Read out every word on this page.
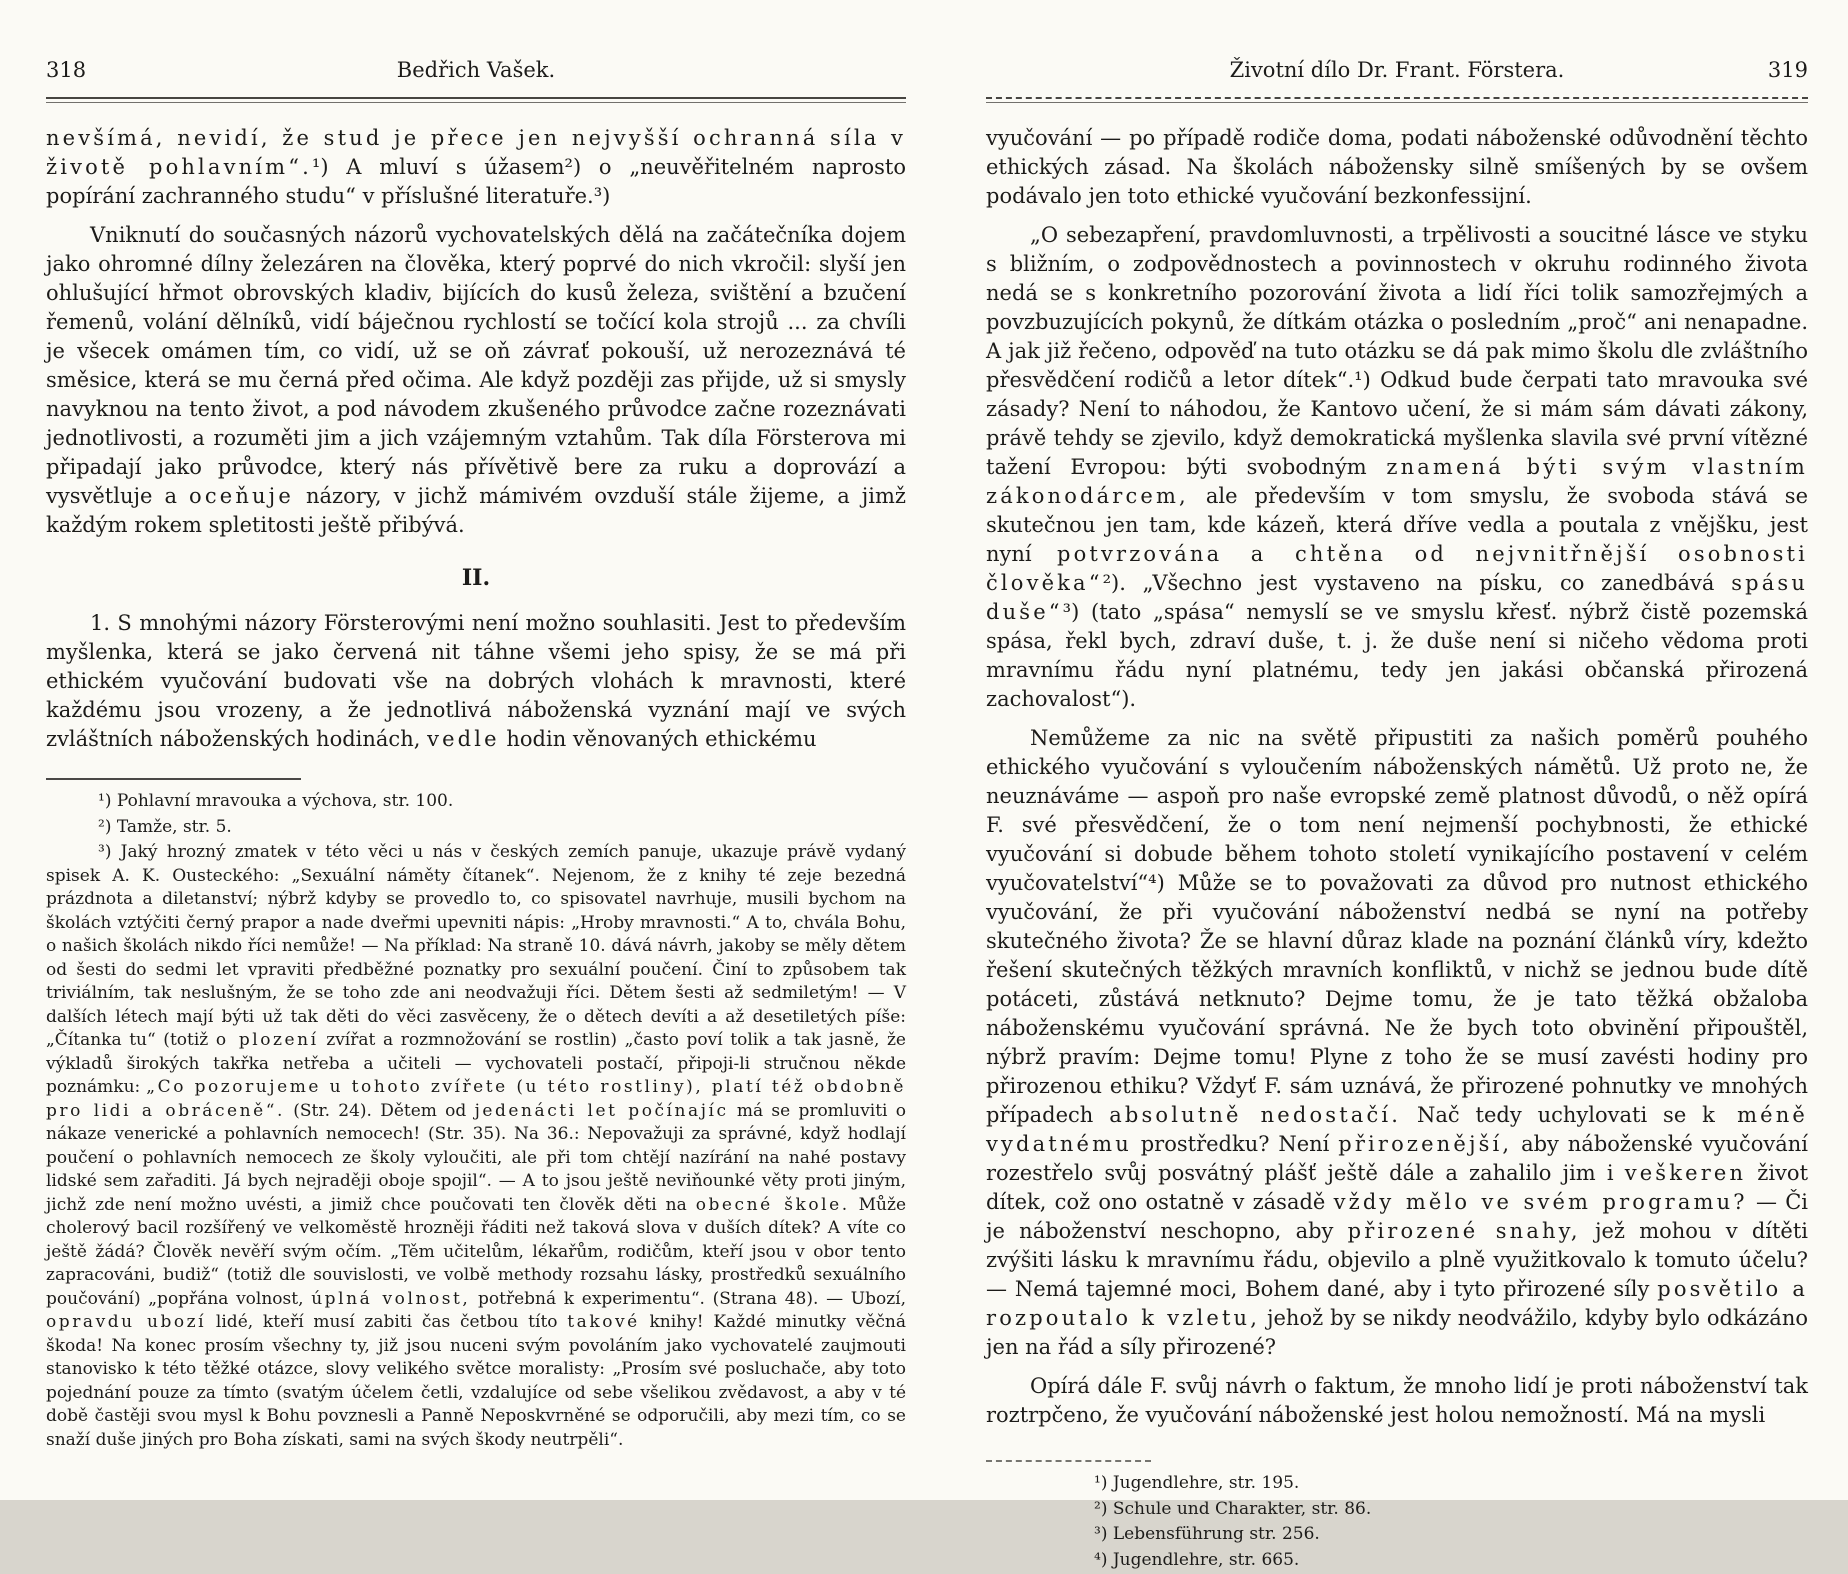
318	Bedřich Vašek.

nevšímá, nevidí, že stud je přece jen nejvyšší ochranná síla v životě pohlavním“.¹) A mluví s úžasem²) o „neuvěřitelném naprosto popírání zachranného studu“ v příslušné literatuře.³)

Vniknutí do současných názorů vychovatelských dělá na začátečníka dojem jako ohromné dílny železáren na člověka, který poprvé do nich vkročil: slyší jen ohlušující hřmot obrovských kladiv, bijících do kusů železa, svištění a bzučení řemenů, volání dělníků, vidí báječnou rychlostí se točící kola strojů ... za chvíli je všecek omámen tím, co vidí, už se oň závrať pokouší, už nerozeznává té směsice, která se mu černá před očima. Ale když později zas přijde, už si smysly navyknou na tento život, a pod návodem zkušeného průvodce začne rozeznávati jednotlivosti, a rozuměti jim a jich vzájemným vztahům. Tak díla Försterova mi připadají jako průvodce, který nás přívětivě bere za ruku a doprovází a vysvětluje a oceňuje názory, v jichž mámivém ovzduší stále žijeme, a jimž každým rokem spletitosti ještě přibývá.

II.

1. S mnohými názory Försterovými není možno souhlasiti. Jest to především myšlenka, která se jako červená nit táhne všemi jeho spisy, že se má při ethickém vyučování budovati vše na dobrých vlohách k mravnosti, které každému jsou vrozeny, a že jednotlivá náboženská vyznání mají ve svých zvláštních náboženských hodinách, vedle hodin věnovaných ethickému

¹) Pohlavní mravouka a výchova, str. 100.

²) Tamže, str. 5.

³) Jaký hrozný zmatek v této věci u nás v českých zemích panuje, ukazuje právě vydaný spisek A. K. Ousteckého: „Sexuální náměty čítanek“. Nejenom, že z knihy té zeje bezedná prázdnota a diletanství; nýbrž kdyby se provedlo to, co spisovatel navrhuje, musili bychom na školách vztýčiti černý prapor a nade dveřmi upevniti nápis: „Hroby mravnosti.“ A to, chvála Bohu, o našich školách nikdo říci nemůže! — Na příklad: Na straně 10. dává návrh, jakoby se měly dětem od šesti do sedmi let vpraviti předběžné poznatky pro sexuální poučení. Činí to způsobem tak triviálním, tak neslušným, že se toho zde ani neodvažuji říci. Dětem šesti až sedmiletým! — V dalších létech mají býti už tak děti do věci zasvěceny, že o dětech devíti a až desetiletých píše: „Čítanka tu“ (totiž o plození zvířat a rozmnožování se rostlin) „často poví tolik a tak jasně, že výkladů širokých takřka netřeba a učiteli — vychovateli postačí, připoji-li stručnou někde poznámku: „Co pozorujeme u tohoto zvířete (u této rostliny), platí též obdobně pro lidi a obráceně“. (Str. 24). Dětem od jedenácti let počínajíc má se promluviti o nákaze venerické a pohlavních nemocech! (Str. 35). Na 36.: Nepovažuji za správné, když hodlají poučení o pohlavních nemocech ze školy vyloučiti, ale při tom chtějí nazírání na nahé postavy lidské sem zařaditi. Já bych nejraději oboje spojil“. — A to jsou ještě neviňounké věty proti jiným, jichž zde není možno uvésti, a jimiž chce poučovati ten člověk děti na obecné škole. Může cholerový bacil rozšířený ve velkoměstě hrozněji řáditi než taková slova v duších dítek? A víte co ještě žádá? Člověk nevěří svým očím. „Těm učitelům, lékařům, rodičům, kteří jsou v obor tento zapracováni, budiž“ (totiž dle souvislosti, ve volbě methody rozsahu lásky, prostředků sexuálního poučování) „popřána volnost, úplná volnost, potřebná k experimentu“. (Strana 48). — Ubozí, opravdu ubozí lidé, kteří musí zabiti čas četbou títo takové knihy! Každé minutky věčná škoda! Na konec prosím všechny ty, již jsou nuceni svým povoláním jako vychovatelé zaujmouti stanovisko k této těžké otázce, slovy velikého světce moralisty: „Prosím své posluchače, aby toto pojednání pouze za tímto (svatým účelem četli, vzdalujíce od sebe všelikou zvědavost, a aby v té době častěji svou mysl k Bohu povznesli a Panně Neposkvrněné se odporučili, aby mezi tím, co se snaží duše jiných pro Boha získati, sami na svých škody neutrpěli“.

Životní dílo Dr. Frant. Förstera.	319

vyučování — po případě rodiče doma, podati náboženské odůvodnění těchto ethických zásad. Na školách nábožensky silně smíšených by se ovšem podávalo jen toto ethické vyučování bezkonfessijní.

„O sebezapření, pravdomluvnosti, a trpělivosti a soucitné lásce ve styku s bližním, o zodpovědnostech a povinnostech v okruhu rodinného života nedá se s konkretního pozorování života a lidí říci tolik samozřejmých a povzbuzujících pokynů, že dítkám otázka o posledním „proč“ ani nenapadne. A jak již řečeno, odpověď na tuto otázku se dá pak mimo školu dle zvláštního přesvědčení rodičů a letor dítek“.¹) Odkud bude čerpati tato mravouka své zásady? Není to náhodou, že Kantovo učení, že si mám sám dávati zákony, právě tehdy se zjevilo, když demokratická myšlenka slavila své první vítězné tažení Evropou: býti svobodným znamená býti svým vlastním zákonodárcem, ale především v tom smyslu, že svoboda stává se skutečnou jen tam, kde kázeň, která dříve vedla a poutala z vnějšku, jest nyní potvrzována a chtěna od nejvnitřnější osobnosti člověka“²). „Všechno jest vystaveno na písku, co zanedbává spásu duše“³) (tato „spása“ nemyslí se ve smyslu křesť. nýbrž čistě pozemská spása, řekl bych, zdraví duše, t. j. že duše není si ničeho vědoma proti mravnímu řádu nyní platnému, tedy jen jakási občanská přirozená zachovalost“).

Nemůžeme za nic na světě připustiti za našich poměrů pouhého ethického vyučování s vyloučením náboženských námětů. Už proto ne, že neuznáváme — aspoň pro naše evropské země platnost důvodů, o něž opírá F. své přesvědčení, že o tom není nejmenší pochybnosti, že ethické vyučování si dobude během tohoto století vynikajícího postavení v celém vyučovatelství“⁴) Může se to považovati za důvod pro nutnost ethického vyučování, že při vyučování náboženství nedbá se nyní na potřeby skutečného života? Že se hlavní důraz klade na poznání článků víry, kdežto řešení skutečných těžkých mravních konfliktů, v nichž se jednou bude dítě potáceti, zůstává netknuto? Dejme tomu, že je tato těžká obžaloba náboženskému vyučování správná. Ne že bych toto obvinění připouštěl, nýbrž pravím: Dejme tomu! Plyne z toho že se musí zavésti hodiny pro přirozenou ethiku? Vždyť F. sám uznává, že přirozené pohnutky ve mnohých případech absolutně nedostačí. Nač tedy uchylovati se k méně vydatnému prostředku? Není přirozenější, aby náboženské vyučování rozestřelo svůj posvátný plášť ještě dále a zahalilo jim i veškeren život dítek, což ono ostatně v zásadě vždy mělo ve svém programu? — Či je náboženství neschopno, aby přirozené snahy, jež mohou v dítěti zvýšiti lásku k mravnímu řádu, objevilo a plně využitkovalo k tomuto účelu? — Nemá tajemné moci, Bohem dané, aby i tyto přirozené síly posvětilo a rozpoutalo k vzletu, jehož by se nikdy neodvážilo, kdyby bylo odkázáno jen na řád a síly přirozené?

Opírá dále F. svůj návrh o faktum, že mnoho lidí je proti náboženství tak roztrpčeno, že vyučování náboženské jest holou nemožností. Má na mysli

¹) Jugendlehre, str. 195.

²) Schule und Charakter, str. 86.

³) Lebensführung str. 256.

⁴) Jugendlehre, str. 665.
